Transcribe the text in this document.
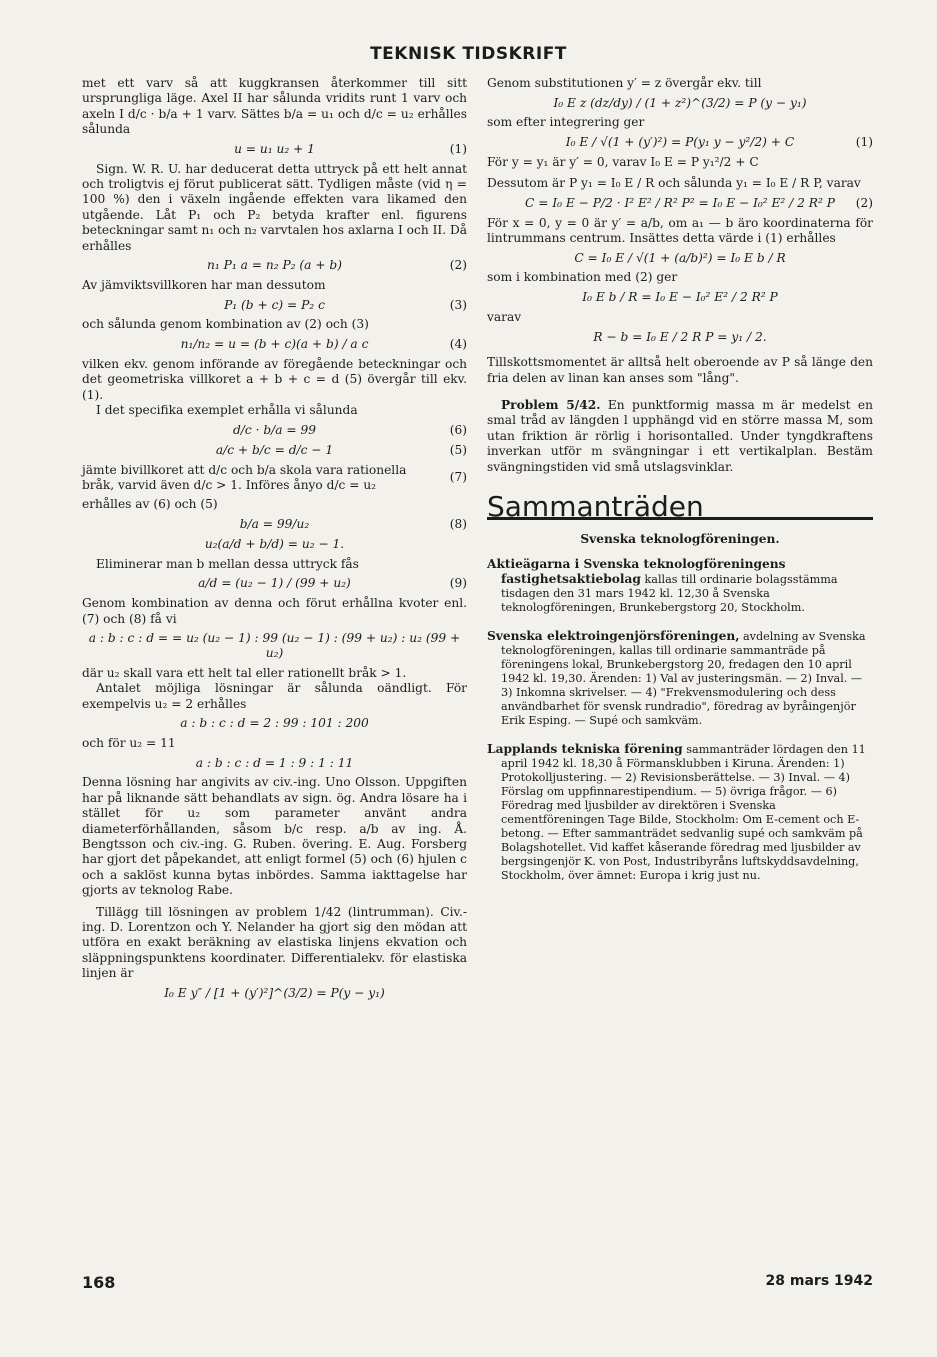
TEKNISK TIDSKRIFT

met ett varv så att kuggkransen återkommer till sitt ursprungliga läge. Axel II har sålunda vridits runt 1 varv och axeln I d/c · b/a + 1 varv. Sättes b/a = u₁ och d/c = u₂ erhålles sålunda

u = u₁ u₂ + 1	(1)

Sign. W. R. U. har deducerat detta uttryck på ett helt annat och troligtvis ej förut publicerat sätt. Tydligen måste (vid η = 100 %) den i växeln ingående effekten vara likamed den utgående. Låt P₁ och P₂ betyda krafter enl. figurens beteckningar samt n₁ och n₂ varvtalen hos axlarna I och II. Då erhålles

n₁ P₁ a = n₂ P₂ (a + b)	(2)

Av jämviktsvillkoren har man dessutom

P₁ (b + c) = P₂ c	(3)

och sålunda genom kombination av (2) och (3)

n₁/n₂ = u = (b + c)(a + b) / a c	(4)

vilken ekv. genom införande av föregående beteckningar och det geometriska villkoret a + b + c = d (5) övergår till ekv. (1).

I det specifika exemplet erhålla vi sålunda

d/c · b/a = 99	(6)
a/c + b/c = d/c − 1	(5)
jämte bivillkoret att d/c och b/a skola vara rationella bråk, varvid även d/c > 1. Införes ånyo d/c = u₂
(7)

erhålles av (6) och (5)

b/a = 99/u₂	(8)
u₂(a/d + b/d) = u₂ − 1.

Eliminerar man b mellan dessa uttryck fås

a/d = (u₂ − 1) / (99 + u₂)	(9)

Genom kombination av denna och förut erhållna kvoter enl. (7) och (8) få vi

a : b : c : d = = u₂ (u₂ − 1) : 99 (u₂ − 1) : (99 + u₂) : u₂ (99 + u₂)

där u₂ skall vara ett helt tal eller rationellt bråk > 1.

Antalet möjliga lösningar är sålunda oändligt. För exempelvis u₂ = 2 erhålles

a : b : c : d = 2 : 99 : 101 : 200

och för u₂ = 11

a : b : c : d = 1 : 9 : 1 : 11

Denna lösning har angivits av civ.-ing. Uno Olsson. Uppgiften har på liknande sätt behandlats av sign. ög. Andra lösare ha i stället för u₂ som parameter använt andra diameterförhållanden, såsom b/c resp. a/b av ing. Å. Bengtsson och civ.-ing. G. Ruben. övering. E. Aug. Forsberg har gjort det påpekandet, att enligt formel (5) och (6) hjulen c och a saklöst kunna bytas inbördes. Samma iakttagelse har gjorts av teknolog Rabe.

Tillägg till lösningen av problem 1/42 (lintrumman). Civ.-ing. D. Lorentzon och Y. Nelander ha gjort sig den mödan att utföra en exakt beräkning av elastiska linjens ekvation och släppningspunktens koordinater. Differentialekv. för elastiska linjen är

I₀ E y″ / [1 + (y′)²]^(3/2) = P(y − y₁)

Genom substitutionen y′ = z övergår ekv. till

I₀ E z (dz/dy) / (1 + z²)^(3/2) = P (y − y₁)

som efter integrering ger

I₀ E / √(1 + (y′)²) = P(y₁ y − y²/2) + C	(1)

För y = y₁ är y′ = 0, varav I₀ E = P y₁²/2 + C

Dessutom är P y₁ = I₀ E / R och sålunda y₁ = I₀ E / R P, varav

C = I₀ E − P/2 · I² E² / R² P² = I₀ E − I₀² E² / 2 R² P (2)

För x = 0, y = 0 är y′ = a/b, om a₁ — b äro koordinaterna för lintrummans centrum. Insättes detta värde i (1) erhålles

C = I₀ E / √(1 + (a/b)²) = I₀ E b / R

som i kombination med (2) ger

I₀ E b / R = I₀ E − I₀² E² / 2 R² P

varav

R − b = I₀ E / 2 R P = y₁ / 2.

Tillskottsmomentet är alltså helt oberoende av P så länge den fria delen av linan kan anses som "lång".

Problem 5/42. En punktformig massa m är medelst en smal tråd av längden l upphängd vid en större massa M, som utan friktion är rörlig i horisontalled. Under tyngdkraftens inverkan utför m svängningar i ett vertikalplan. Bestäm svängningstiden vid små utslagsvinklar.

Sammanträden
Svenska teknologföreningen.
Aktieägarna i Svenska teknologföreningens fastighetsaktiebolag kallas till ordinarie bolagsstämma tisdagen den 31 mars 1942 kl. 12,30 å Svenska teknologföreningen, Brunkebergstorg 20, Stockholm.
Svenska elektroingenjörsföreningen, avdelning av Svenska teknologföreningen, kallas till ordinarie sammanträde på föreningens lokal, Brunkebergstorg 20, fredagen den 10 april 1942 kl. 19,30. Ärenden: 1) Val av justeringsmän. — 2) Inval. — 3) Inkomna skrivelser. — 4) "Frekvensmodulering och dess användbarhet för svensk rundradio", föredrag av byråingenjör Erik Esping. — Supé och samkväm.
Lapplands tekniska förening sammanträder lördagen den 11 april 1942 kl. 18,30 å Förmansklubben i Kiruna. Ärenden: 1) Protokolljustering. — 2) Revisionsberättelse. — 3) Inval. — 4) Förslag om uppfinnarestipendium. — 5) övriga frågor. — 6) Föredrag med ljusbilder av direktören i Svenska cementföreningen Tage Bilde, Stockholm: Om E-cement och E-betong. — Efter sammanträdet sedvanlig supé och samkväm på Bolagshotellet. Vid kaffet kåserande föredrag med ljusbilder av bergsingenjör K. von Post, Industribyråns luftskyddsavdelning, Stockholm, över ämnet: Europa i krig just nu.
168	28 mars 1942
